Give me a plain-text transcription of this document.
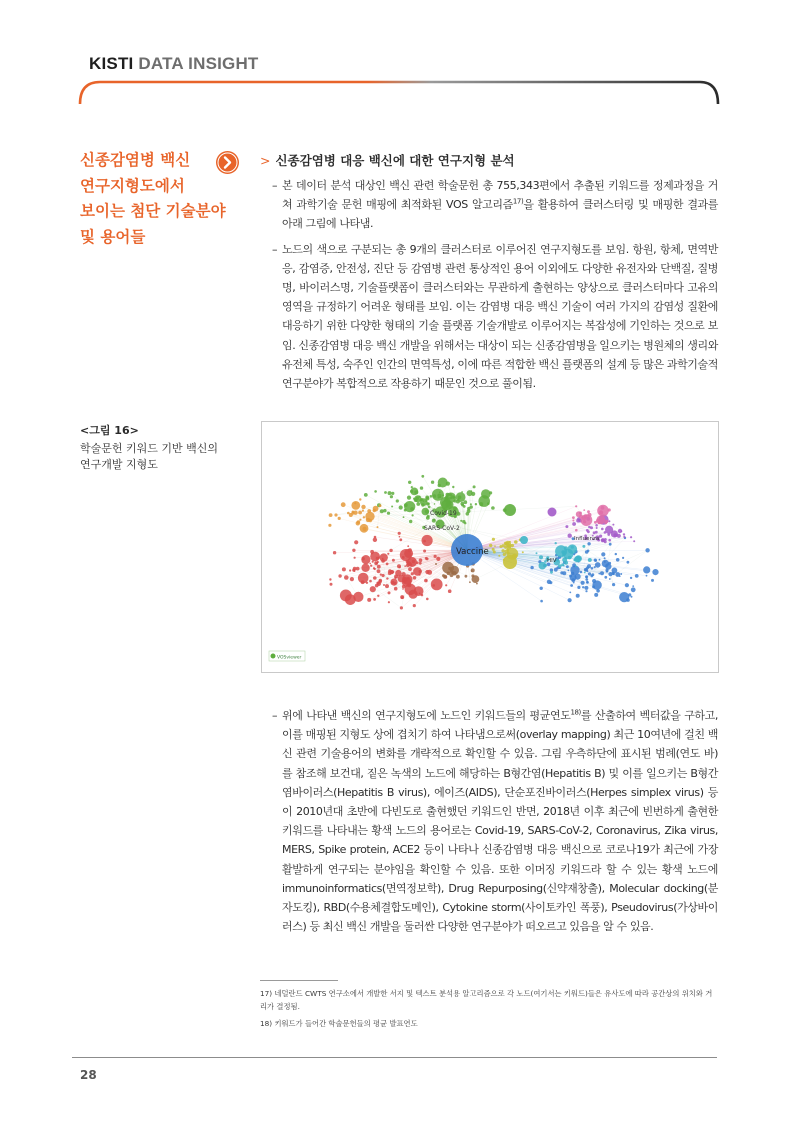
KISTI DATA INSIGHT
신종감염병 백신
연구지형도에서
보이는 첨단 기술분야
및 용어들
> 신종감염병 대응 백신에 대한 연구지형 분석
– 본 데이터 분석 대상인 백신 관련 학술문헌 총 755,343편에서 추출된 키워드를 정제과정을 거쳐 과학기술 문헌 매핑에 최적화된 VOS 알고리즘$^{17)}$을 활용하여 클러스터링 및 매핑한 결과를 아래 그림에 나타냄.
– 노드의 색으로 구분되는 총 9개의 클러스터로 이루어진 연구지형도를 보임. 항원, 항체, 면역반응, 감염증, 안전성, 진단 등 감염병 관련 통상적인 용어 이외에도 다양한 유전자와 단백질, 질병명, 바이러스명, 기술플랫폼이 클러스터와는 무관하게 출현하는 양상으로 클러스터마다 고유의 영역을 규정하기 어려운 형태를 보임. 이는 감염병 대응 백신 기술이 여러 가지의 감염성 질환에 대응하기 위한 다양한 형태의 기술 플랫폼 기술개발로 이루어지는 복잡성에 기인하는 것으로 보임. 신종감염병 대응 백신 개발을 위해서는 대상이 되는 신종감염병을 일으키는 병원체의 생리와 유전체 특성, 숙주인 인간의 면역특성, 이에 따른 적합한 백신 플랫폼의 설계 등 많은 과학기술적 연구분야가 복합적으로 작용하기 때문인 것으로 풀이됨.
<그림 16>
학술문헌 키워드 기반 백신의
연구개발 지형도
Covid-19
SARS-CoV-2
Influenza
HIV
Vaccine
VOSviewer
– 위에 나타낸 백신의 연구지형도에 노드인 키워드들의 평균연도$^{18)}$를 산출하여 벡터값을 구하고, 이를 매핑된 지형도 상에 겹치기 하여 나타냄으로써(overlay mapping) 최근 10여년에 걸친 백신 관련 기술용어의 변화를 개략적으로 확인할 수 있음. 그림 우측하단에 표시된 범례(연도 바)를 참조해 보건대, 짙은 녹색의 노드에 해당하는 B형간염(Hepatitis B) 및 이를 일으키는 B형간염바이러스(Hepatitis B virus), 에이즈(AIDS), 단순포진바이러스(Herpes simplex virus) 등이 2010년대 초반에 다빈도로 출현했던 키워드인 반면, 2018년 이후 최근에 빈번하게 출현한 키워드를 나타내는 황색 노드의 용어로는 Covid-19, SARS-CoV-2, Coronavirus, Zika virus, MERS, Spike protein, ACE2 등이 나타나 신종감염병 대응 백신으로 코로나19가 최근에 가장 활발하게 연구되는 분야임을 확인할 수 있음. 또한 이머징 키워드라 할 수 있는 황색 노드에 immunoinformatics(면역정보학), Drug Repurposing(신약재창출), Molecular docking(분자도킹), RBD(수용체결합도메인), Cytokine storm(사이토카인 폭풍), Pseudovirus(가상바이러스) 등 최신 백신 개발을 둘러싼 다양한 연구분야가 떠오르고 있음을 알 수 있음.
17) 네덜란드 CWTS 연구소에서 개발한 서지 및 텍스트 분석용 알고리즘으로 각 노드(여기서는 키워드)들은 유사도에 따라 공간상의 위치와 거리가 결정됨.
18) 키워드가 들어간 학술문헌들의 평균 발표연도
28
